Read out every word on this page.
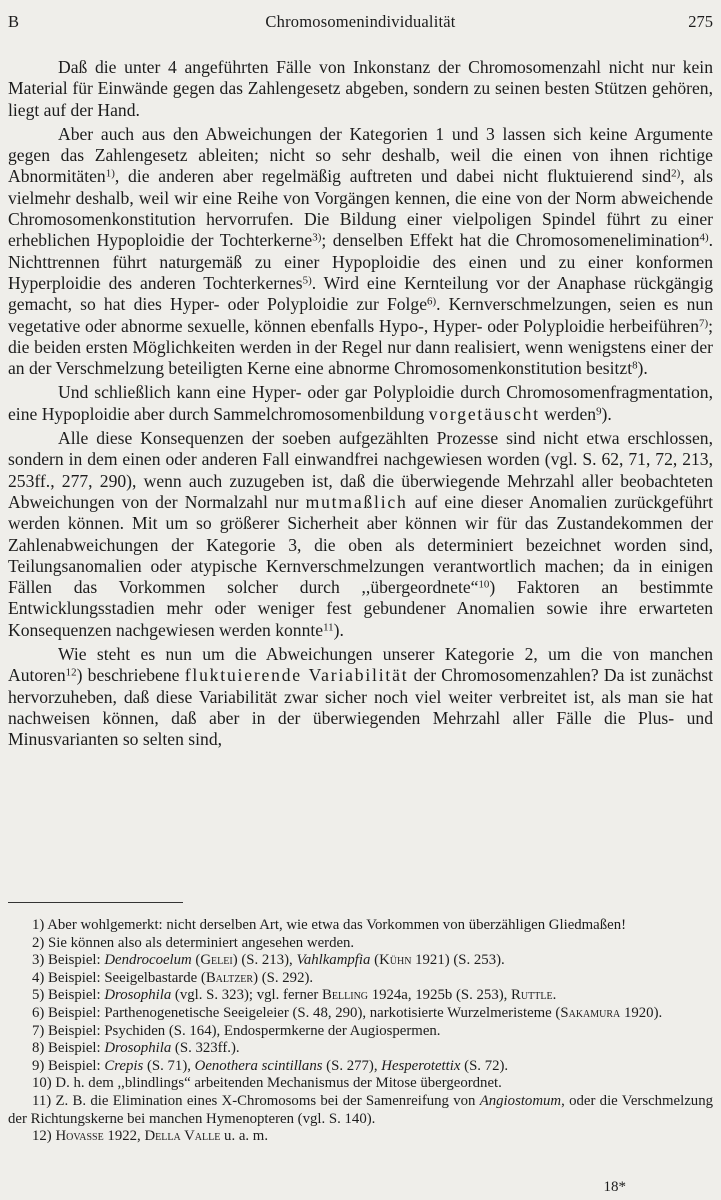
B	Chromosomenindividualität	275

Daß die unter 4 angeführten Fälle von Inkonstanz der Chromosomenzahl nicht nur kein Material für Einwände gegen das Zahlengesetz abgeben, sondern zu seinen besten Stützen gehören, liegt auf der Hand.

Aber auch aus den Abweichungen der Kategorien 1 und 3 lassen sich keine Argumente gegen das Zahlengesetz ableiten; nicht so sehr deshalb, weil die einen von ihnen richtige Abnormitäten$^{1)}$, die anderen aber regelmäßig auftreten und dabei nicht fluktuierend sind$^{2)}$, als vielmehr deshalb, weil wir eine Reihe von Vorgängen kennen, die eine von der Norm abweichende Chromosomenkonstitution hervorrufen. Die Bildung einer vielpoligen Spindel führt zu einer erheblichen Hypoploidie der Tochterkerne$^{3)}$; denselben Effekt hat die Chromosomenelimination$^{4)}$. Nichttrennen führt naturgemäß zu einer Hypoploidie des einen und zu einer konformen Hyperploidie des anderen Tochterkernes$^{5)}$. Wird eine Kernteilung vor der Anaphase rückgängig gemacht, so hat dies Hyper- oder Polyploidie zur Folge$^{6)}$. Kernverschmelzungen, seien es nun vegetative oder abnorme sexuelle, können ebenfalls Hypo-, Hyper- oder Polyploidie herbeiführen$^{7)}$; die beiden ersten Möglichkeiten werden in der Regel nur dann realisiert, wenn wenigstens einer der an der Verschmelzung beteiligten Kerne eine abnorme Chromosomenkonstitution besitzt$^8$).

Und schließlich kann eine Hyper- oder gar Polyploidie durch Chromosomenfragmentation, eine Hypoploidie aber durch Sammelchromosomenbildung vorgetäuscht werden$^9$).

Alle diese Konsequenzen der soeben aufgezählten Prozesse sind nicht etwa erschlossen, sondern in dem einen oder anderen Fall einwandfrei nachgewiesen worden (vgl. S. 62, 71, 72, 213, 253ff., 277, 290), wenn auch zuzugeben ist, daß die überwiegende Mehrzahl aller beobachteten Abweichungen von der Normalzahl nur mutmaßlich auf eine dieser Anomalien zurückgeführt werden können. Mit um so größerer Sicherheit aber können wir für das Zustandekommen der Zahlenabweichungen der Kategorie 3, die oben als determiniert bezeichnet worden sind, Teilungsanomalien oder atypische Kernverschmelzungen verantwortlich machen; da in einigen Fällen das Vorkommen solcher durch ,,übergeordnete“$^{10}$) Faktoren an bestimmte Entwicklungsstadien mehr oder weniger fest gebundener Anomalien sowie ihre erwarteten Konsequenzen nachgewiesen werden konnte$^{11}$).

Wie steht es nun um die Abweichungen unserer Kategorie 2, um die von manchen Autoren$^{12}$) beschriebene fluktuierende Variabilität der Chromosomenzahlen? Da ist zunächst hervorzuheben, daß diese Variabilität zwar sicher noch viel weiter verbreitet ist, als man sie hat nachweisen können, daß aber in der überwiegenden Mehrzahl aller Fälle die Plus- und Minusvarianten so selten sind,

1) Aber wohlgemerkt: nicht derselben Art, wie etwa das Vorkommen von überzähligen Gliedmaßen!

2) Sie können also als determiniert angesehen werden.

3) Beispiel: Dendrocoelum (Gelei) (S. 213), Vahlkampfia (Kühn 1921) (S. 253).

4) Beispiel: Seeigelbastarde (Baltzer) (S. 292).

5) Beispiel: Drosophila (vgl. S. 323); vgl. ferner Belling 1924a, 1925b (S. 253), Ruttle.

6) Beispiel: Parthenogenetische Seeigeleier (S. 48, 290), narkotisierte Wurzelmeristeme (Sakamura 1920).

7) Beispiel: Psychiden (S. 164), Endospermkerne der Augiospermen.

8) Beispiel: Drosophila (S. 323ff.).

9) Beispiel: Crepis (S. 71), Oenothera scintillans (S. 277), Hesperotettix (S. 72).

10) D. h. dem ,,blindlings“ arbeitenden Mechanismus der Mitose übergeordnet.

11) Z. B. die Elimination eines X-Chromosoms bei der Samenreifung von Angiostomum, oder die Verschmelzung der Richtungskerne bei manchen Hymenopteren (vgl. S. 140).

12) Hovasse 1922, Della Valle u. a. m.

18*
